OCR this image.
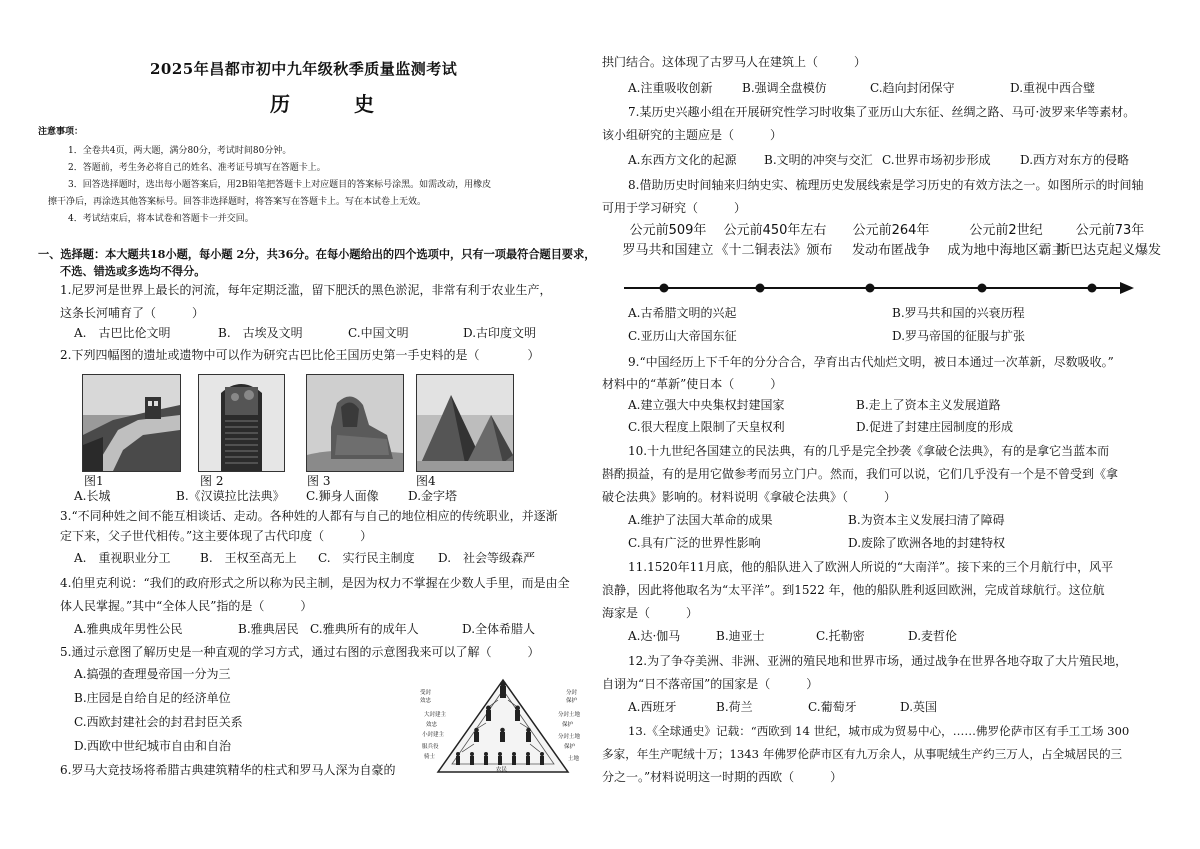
2025年昌都市初中九年级秋季质量监测考试
历　史
注意事项：
1．全卷共4页，两大题，满分80分，考试时间80分钟。
2．答题前，考生务必将自己的姓名、准考证号填写在答题卡上。
3．回答选择题时，选出每小题答案后，用2B铅笔把答题卡上对应题目的答案标号涂黑。如需改动，用橡皮
擦干净后，再涂选其他答案标号。回答非选择题时，将答案写在答题卡上。写在本试卷上无效。
4．考试结束后，将本试卷和答题卡一并交回。
一、选择题：本大题共18小题，每小题 2分，共36分。在每小题给出的四个选项中，只有一项最符合题目要求，
不选、错选或多选均不得分。
1.尼罗河是世界上最长的河流，每年定期泛滥，留下肥沃的黑色淤泥，非常有利于农业生产，
这条长河哺育了（　　　）
A.　古巴比伦文明	B.　古埃及文明	C.中国文明	D.古印度文明
2.下列四幅图的遗址或遗物中可以作为研究古巴比伦王国历史第一手史料的是（　　　　）
图1	图 2	图 3	图4
A.长城	B.《汉谟拉比法典》 C.狮身人面像 D.金字塔
3.“不同种姓之间不能互相谈话、走动。各种姓的人都有与自己的地位相应的传统职业，并逐渐
定下来，父子世代相传。”这主要体现了古代印度（　　　）
A.　重视职业分工 B.　王权至高无上 C.　实行民主制度 D.　社会等级森严
4.伯里克利说：“我们的政府形式之所以称为民主制，是因为权力不掌握在少数人手里，而是由全
体人民掌握。”其中“全体人民”指的是（　　　）
A.雅典成年男性公民	B.雅典居民 C.雅典所有的成年人	D.全体希腊人
5.通过示意图了解历史是一种直观的学习方式，通过右图的示意图我来可以了解（　　　）
A.搞强的查理曼帝国一分为三
B.庄园是自给自足的经济单位
C.西欧封建社会的封君封臣关系
D.西欧中世纪城市自由和自治
受封
效忠
大封建主
效忠
小封建主
服兵役
骑士
分封
保护
分封土地
保护
分封土地
保护
土地
农民
6.罗马大竞技场将希腊古典建筑精华的柱式和罗马人深为自豪的
拱门结合。这体现了古罗马人在建筑上（　　　）
A.注重吸收创新 B.强调全盘模仿	C.趋向封闭保守	D.重视中西合璧
7.某历史兴趣小组在开展研究性学习时收集了亚历山大东征、丝绸之路、马可·波罗来华等素材。
该小组研究的主题应是（　　　）
A.东西方文化的起源 B.文明的冲突与交汇 C.世界市场初步形成 D.西方对东方的侵略
8.借助历史时间轴来归纳史实、梳理历史发展线索是学习历史的有效方法之一。如图所示的时间轴
可用于学习研究（　　　）
公元前509年
罗马共和国建立
公元前450年左右
《十二铜表法》颁布
公元前264年
发动布匿战争
公元前2世纪
成为地中海地区霸主
公元前73年
斯巴达克起义爆发
A.古希腊文明的兴起	B.罗马共和国的兴衰历程
C.亚历山大帝国东征	D.罗马帝国的征服与扩张
9.“中国经历上下千年的分分合合，孕育出古代灿烂文明，被日本通过一次革新，尽数吸收。”
材料中的“革新”使日本（　　　）
A.建立强大中央集权封建国家	B.走上了资本主义发展道路
C.很大程度上限制了天皇权利	D.促进了封建庄园制度的形成
10.十九世纪各国建立的民法典，有的几乎是完全抄袭《拿破仑法典》，有的是拿它当蓝本而
斟酌损益，有的是用它做参考而另立门户。然而，我们可以说，它们几乎没有一个是不曾受到《拿
破仑法典》影响的。材料说明《拿破仑法典》（　　　）
A.维护了法国大革命的成果	B.为资本主义发展扫清了障碍
C.具有广泛的世界性影响	D.废除了欧洲各地的封建特权
11.1520年11月底，他的船队进入了欧洲人所说的“大南洋”。接下来的三个月航行中，风平
浪静，因此将他取名为“太平洋”。到1522 年，他的船队胜利返回欧洲，完成首球航行。这位航
海家是（　　　）
A.达·伽马	B.迪亚士	C.托勒密	D.麦哲伦
12.为了争夺美洲、非洲、亚洲的殖民地和世界市场，通过战争在世界各地夺取了大片殖民地，
自诩为“日不落帝国”的国家是（　　　）
A.西班牙	B.荷兰	C.葡萄牙	D.英国
13.《全球通史》记载：“西欧到 14 世纪，城市成为贸易中心，……佛罗伦萨市区有手工工场 300
多家，年生产呢绒十万；1343 年佛罗伦萨市区有九万余人，从事呢绒生产约三万人，占全城居民的三
分之一。”材料说明这一时期的西欧（　　　）
